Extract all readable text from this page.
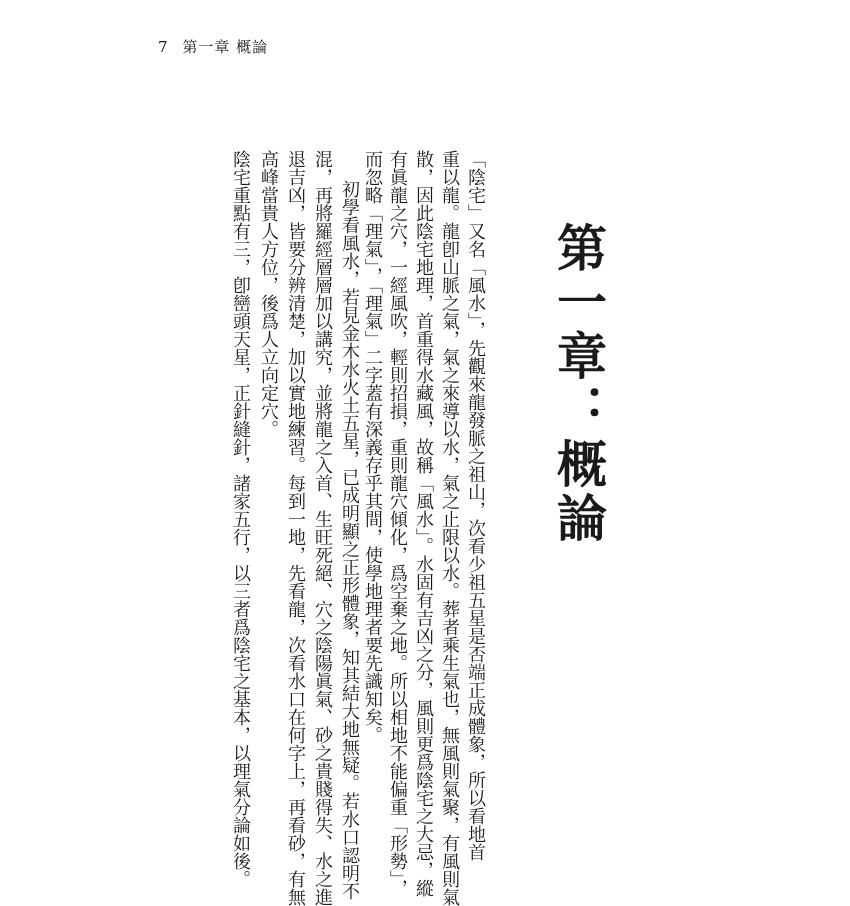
7 第一章 概論
第一章：概論
「陰宅」又名「風水」，先觀來龍發脈之祖山，次看少祖五星是否端正成體象，所以看地首
重以龍。龍卽山脈之氣，氣之來導以水，氣之止限以水。葬者乘生氣也，無風則氣聚，有風則氣
散，因此陰宅地理，首重得水藏風，故稱「風水」。水固有吉凶之分，風則更爲陰宅之大忌，縱
有眞龍之穴，一經風吹，輕則招損，重則龍穴傾化，爲空棄之地。所以相地不能偏重「形勢」，
而忽略「理氣」，「理氣」二字蓋有深義存乎其間，使學地理者要先識知矣。
初學看風水，若見金木水火土五星，已成明顯之正形體象，知其結大地無疑。若水口認明不
混，再將羅經層層加以講究，並將龍之入首、生旺死絕、穴之陰陽眞氣、砂之貴賤得失、水之進
退吉凶，皆要分辨清楚，加以實地練習。每到一地，先看龍，次看水口在何字上，再看砂，有無
高峰當貴人方位，後爲人立向定穴。
陰宅重點有三，卽巒頭天星，正針縫針，諸家五行，以三者爲陰宅之基本，以理氣分論如後。
